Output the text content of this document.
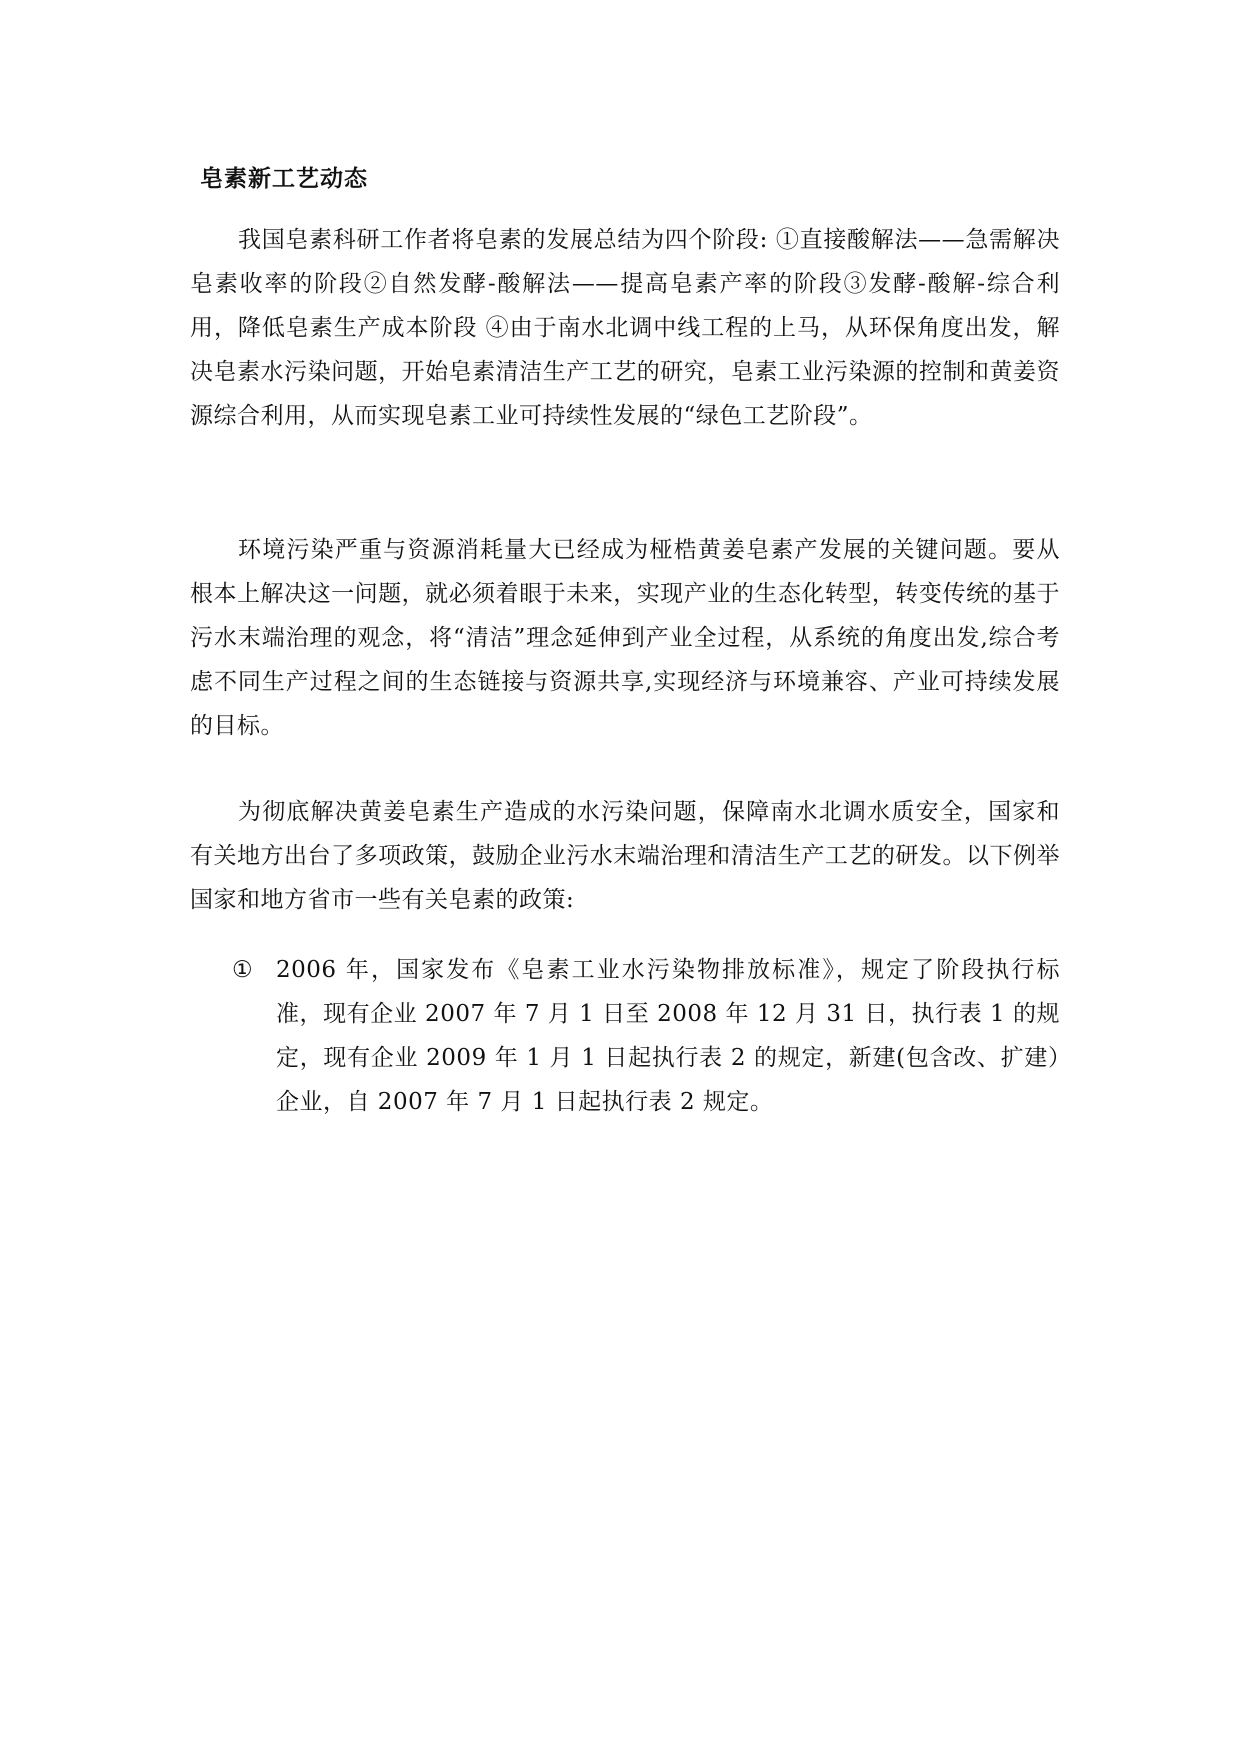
皂素新工艺动态

我国皂素科研工作者将皂素的发展总结为四个阶段: ①直接酸解法——急需解决皂素收率的阶段②自然发酵-酸解法——提高皂素产率的阶段③发酵-酸解-综合利用，降低皂素生产成本阶段 ④由于南水北调中线工程的上马，从环保角度出发，解决皂素水污染问题，开始皂素清洁生产工艺的研究，皂素工业污染源的控制和黄姜资源综合利用，从而实现皂素工业可持续性发展的“绿色工艺阶段”。

环境污染严重与资源消耗量大已经成为桠梏黄姜皂素产发展的关键问题。要从根本上解决这一问题，就必须着眼于未来，实现产业的生态化转型，转变传统的基于污水末端治理的观念，将“清洁”理念延伸到产业全过程，从系统的角度出发,综合考虑不同生产过程之间的生态链接与资源共享,实现经济与环境兼容、产业可持续发展的目标。

为彻底解决黄姜皂素生产造成的水污染问题，保障南水北调水质安全，国家和有关地方出台了多项政策，鼓励企业污水末端治理和清洁生产工艺的研发。以下例举国家和地方省市一些有关皂素的政策:

① 2006 年，国家发布《皂素工业水污染物排放标准》，规定了阶段执行标准，现有企业 2007 年 7 月 1 日至 2008 年 12 月 31 日，执行表 1 的规定，现有企业 2009 年 1 月 1 日起执行表 2 的规定，新建(包含改、扩建）企业，自 2007 年 7 月 1 日起执行表 2 规定。
